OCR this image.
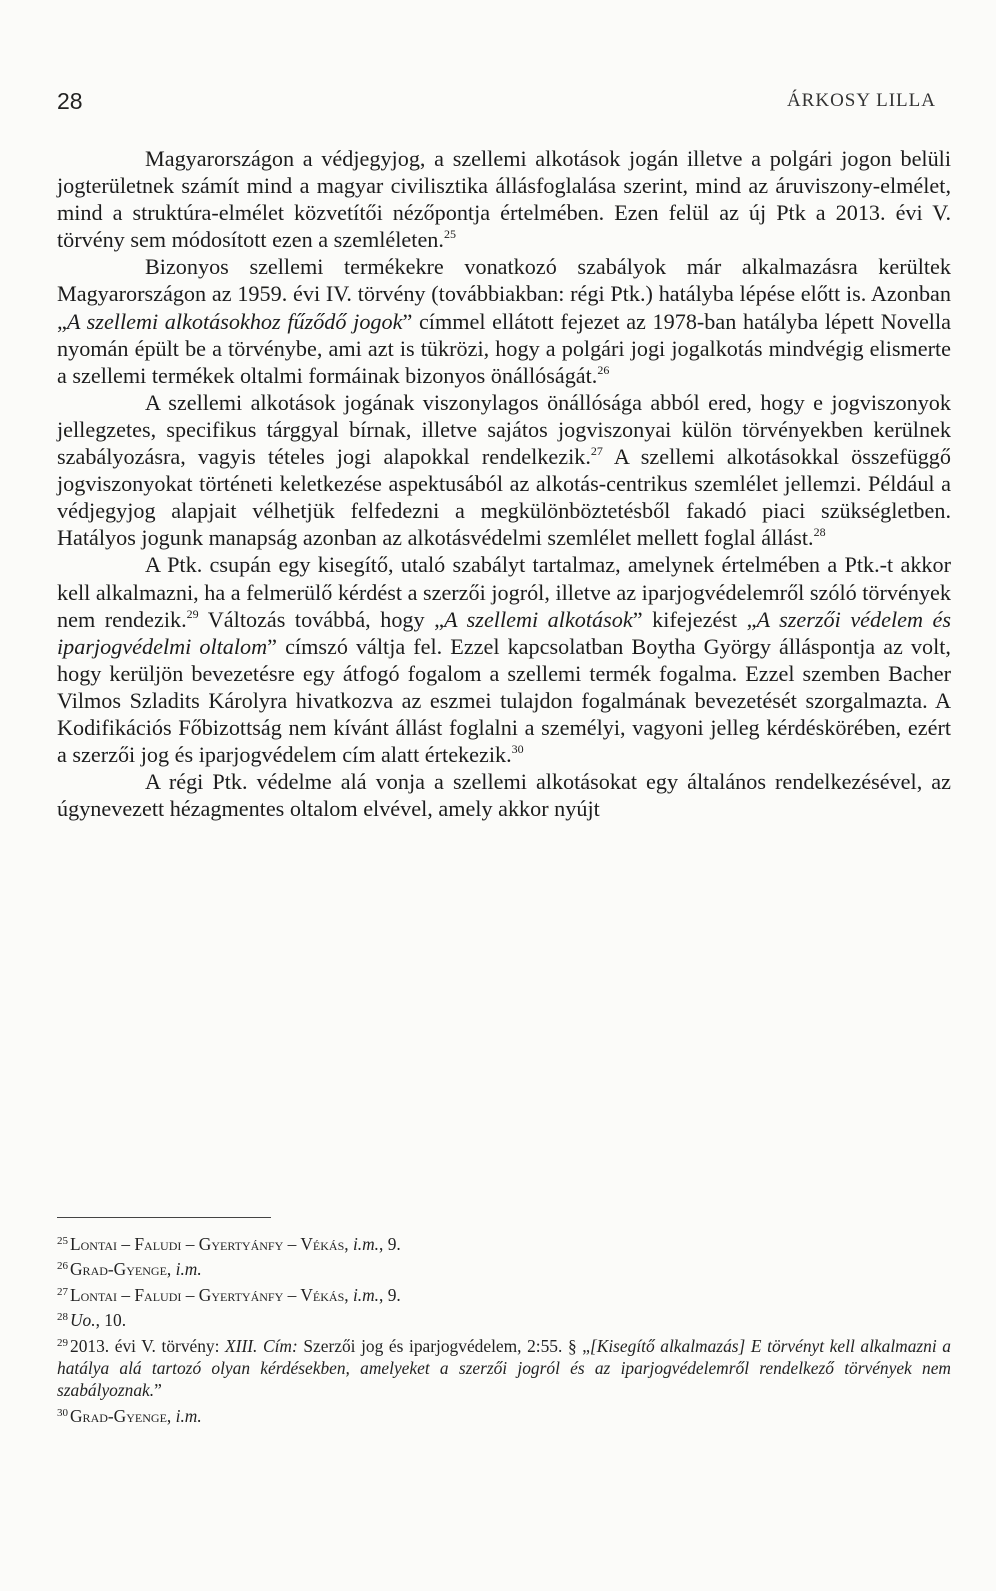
28	ÁRKOSY LILLA

Magyarországon a védjegyjog, a szellemi alkotások jogán illetve a polgári jogon belüli jogterületnek számít mind a magyar civilisztika állásfoglalása szerint, mind az áruviszony-elmélet, mind a struktúra-elmélet közvetítői nézőpontja értelmében. Ezen felül az új Ptk a 2013. évi V. törvény sem módosított ezen a szemléleten.$^{25}$

Bizonyos szellemi termékekre vonatkozó szabályok már alkalmazásra kerültek Magyarországon az 1959. évi IV. törvény (továbbiakban: régi Ptk.) hatályba lépése előtt is. Azonban „A szellemi alkotásokhoz fűződő jogok” címmel ellátott fejezet az 1978-ban hatályba lépett Novella nyomán épült be a törvénybe, ami azt is tükrözi, hogy a polgári jogi jogalkotás mindvégig elismerte a szellemi termékek oltalmi formáinak bizonyos önállóságát.$^{26}$

A szellemi alkotások jogának viszonylagos önállósága abból ered, hogy e jogviszonyok jellegzetes, specifikus tárggyal bírnak, illetve sajátos jogviszonyai külön törvényekben kerülnek szabályozásra, vagyis tételes jogi alapokkal rendelkezik.$^{27}$ A szellemi alkotásokkal összefüggő jogviszonyokat történeti keletkezése aspektusából az alkotás-centrikus szemlélet jellemzi. Például a védjegyjog alapjait vélhetjük felfedezni a megkülönböztetésből fakadó piaci szükségletben. Hatályos jogunk manapság azonban az alkotásvédelmi szemlélet mellett foglal állást.$^{28}$

A Ptk. csupán egy kisegítő, utaló szabályt tartalmaz, amelynek értelmében a Ptk.-t akkor kell alkalmazni, ha a felmerülő kérdést a szerzői jogról, illetve az iparjogvédelemről szóló törvények nem rendezik.$^{29}$ Változás továbbá, hogy „A szellemi alkotások” kifejezést „A szerzői védelem és iparjogvédelmi oltalom” címszó váltja fel. Ezzel kapcsolatban Boytha György álláspontja az volt, hogy kerüljön bevezetésre egy átfogó fogalom a szellemi termék fogalma. Ezzel szemben Bacher Vilmos Szladits Károlyra hivatkozva az eszmei tulajdon fogalmának bevezetését szorgalmazta. A Kodifikációs Főbizottság nem kívánt állást foglalni a személyi, vagyoni jelleg kérdéskörében, ezért a szerzői jog és iparjogvédelem cím alatt értekezik.$^{30}$

A régi Ptk. védelme alá vonja a szellemi alkotásokat egy általános rendelkezésével, az úgynevezett hézagmentes oltalom elvével, amely akkor nyújt

$^{25}$ Lontai – Faludi – Gyertyánfy – Vékás, i.m., 9.
$^{26}$ Grad-Gyenge, i.m.
$^{27}$ Lontai – Faludi – Gyertyánfy – Vékás, i.m., 9.
$^{28}$ Uo., 10.
$^{29}$ 2013. évi V. törvény: XIII. Cím: Szerzői jog és iparjogvédelem, 2:55. § „[Kisegítő alkalmazás] E törvényt kell alkalmazni a hatálya alá tartozó olyan kérdésekben, amelyeket a szerzői jogról és az iparjogvédelemről rendelkező törvények nem szabályoznak.”
$^{30}$ Grad-Gyenge, i.m.
